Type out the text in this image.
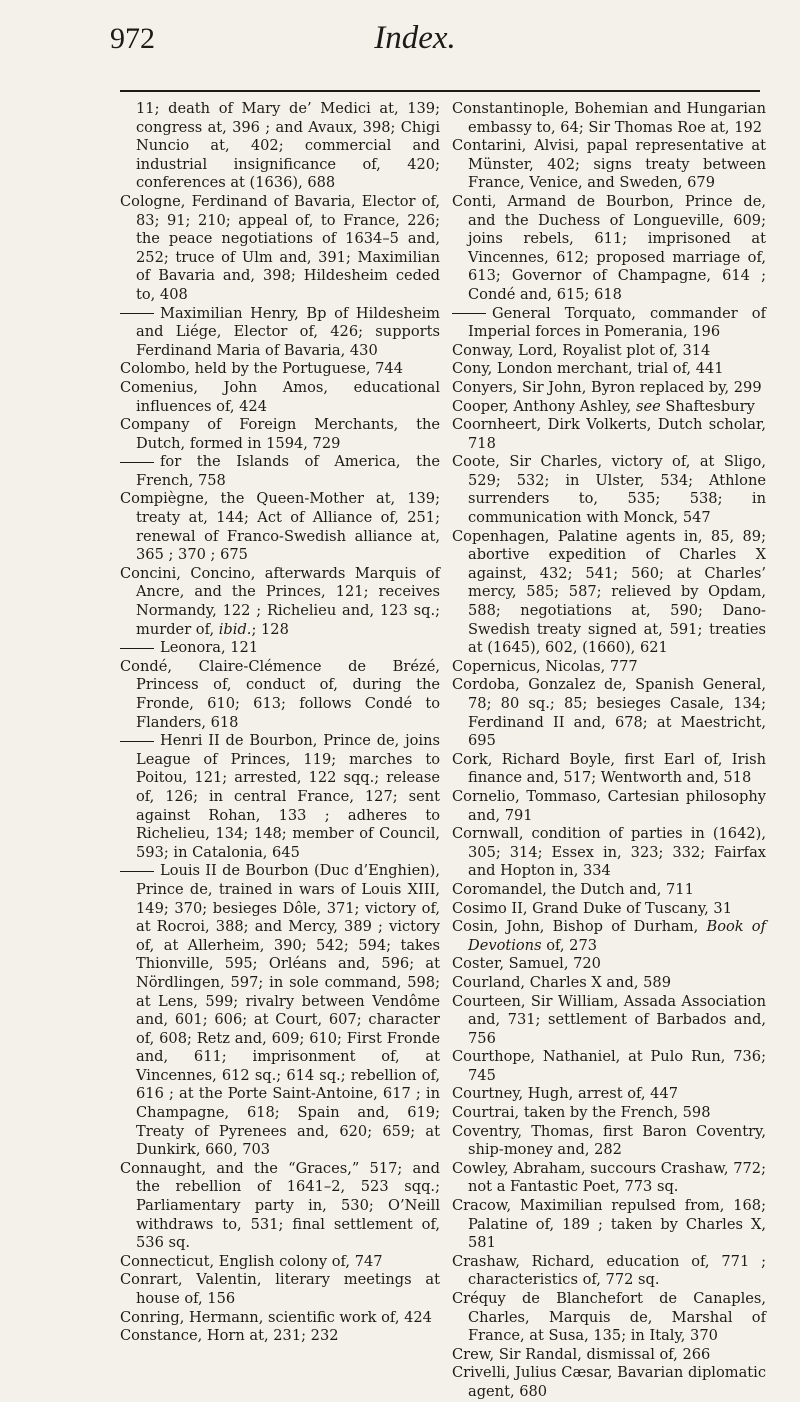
972	Index.

11; death of Mary de’ Medici at, 139; congress at, 396 ; and Avaux, 398; Chigi Nuncio at, 402; commercial and industrial insignificance of, 420; conferences at (1636), 688

Cologne, Ferdinand of Bavaria, Elector of, 83; 91; 210; appeal of, to France, 226; the peace negotiations of 1634–5 and, 252; truce of Ulm and, 391; Maximilian of Bavaria and, 398; Hildesheim ceded to, 408

Maximilian Henry, Bp of Hildesheim and Liége, Elector of, 426; supports Ferdinand Maria of Bavaria, 430

Colombo, held by the Portuguese, 744

Comenius, John Amos, educational influences of, 424

Company of Foreign Merchants, the Dutch, formed in 1594, 729

for the Islands of America, the French, 758

Compiègne, the Queen-Mother at, 139; treaty at, 144; Act of Alliance of, 251; renewal of Franco-Swedish alliance at, 365 ; 370 ; 675

Concini, Concino, afterwards Marquis of Ancre, and the Princes, 121; receives Normandy, 122 ; Richelieu and, 123 sq.; murder of, ibid.; 128

Leonora, 121

Condé, Claire-Clémence de Brézé, Princess of, conduct of, during the Fronde, 610; 613; follows Condé to Flanders, 618

Henri II de Bourbon, Prince de, joins League of Princes, 119; marches to Poitou, 121; arrested, 122 sqq.; release of, 126; in central France, 127; sent against Rohan, 133 ; adheres to Richelieu, 134; 148; member of Council, 593; in Catalonia, 645

Louis II de Bourbon (Duc d’Enghien), Prince de, trained in wars of Louis XIII, 149; 370; besieges Dôle, 371; victory of, at Rocroi, 388; and Mercy, 389 ; victory of, at Allerheim, 390; 542; 594; takes Thionville, 595; Orléans and, 596; at Nördlingen, 597; in sole command, 598; at Lens, 599; rivalry between Vendôme and, 601; 606; at Court, 607; character of, 608; Retz and, 609; 610; First Fronde and, 611; imprisonment of, at Vincennes, 612 sq.; 614 sq.; rebellion of, 616 ; at the Porte Saint-Antoine, 617 ; in Champagne, 618; Spain and, 619; Treaty of Pyrenees and, 620; 659; at Dunkirk, 660, 703

Connaught, and the “Graces,” 517; and the rebellion of 1641–2, 523 sqq.; Parliamentary party in, 530; O’Neill withdraws to, 531; final settlement of, 536 sq.

Connecticut, English colony of, 747

Conrart, Valentin, literary meetings at house of, 156

Conring, Hermann, scientific work of, 424

Constance, Horn at, 231; 232

Constantinople, Bohemian and Hungarian embassy to, 64; Sir Thomas Roe at, 192

Contarini, Alvisi, papal representative at Münster, 402; signs treaty between France, Venice, and Sweden, 679

Conti, Armand de Bourbon, Prince de, and the Duchess of Longueville, 609; joins rebels, 611; imprisoned at Vincennes, 612; proposed marriage of, 613; Governor of Champagne, 614 ; Condé and, 615; 618

General Torquato, commander of Imperial forces in Pomerania, 196

Conway, Lord, Royalist plot of, 314

Cony, London merchant, trial of, 441

Conyers, Sir John, Byron replaced by, 299

Cooper, Anthony Ashley, see Shaftesbury

Coornheert, Dirk Volkerts, Dutch scholar, 718

Coote, Sir Charles, victory of, at Sligo, 529; 532; in Ulster, 534; Athlone surrenders to, 535; 538; in communication with Monck, 547

Copenhagen, Palatine agents in, 85, 89; abortive expedition of Charles X against, 432; 541; 560; at Charles’ mercy, 585; 587; relieved by Opdam, 588; negotiations at, 590; Dano-Swedish treaty signed at, 591; treaties at (1645), 602, (1660), 621

Copernicus, Nicolas, 777

Cordoba, Gonzalez de, Spanish General, 78; 80 sq.; 85; besieges Casale, 134; Ferdinand II and, 678; at Maestricht, 695

Cork, Richard Boyle, first Earl of, Irish finance and, 517; Wentworth and, 518

Cornelio, Tommaso, Cartesian philosophy and, 791

Cornwall, condition of parties in (1642), 305; 314; Essex in, 323; 332; Fairfax and Hopton in, 334

Coromandel, the Dutch and, 711

Cosimo II, Grand Duke of Tuscany, 31

Cosin, John, Bishop of Durham, Book of Devotions of, 273

Coster, Samuel, 720

Courland, Charles X and, 589

Courteen, Sir William, Assada Association and, 731; settlement of Barbados and, 756

Courthope, Nathaniel, at Pulo Run, 736; 745

Courtney, Hugh, arrest of, 447

Courtrai, taken by the French, 598

Coventry, Thomas, first Baron Coventry, ship-money and, 282

Cowley, Abraham, succours Crashaw, 772; not a Fantastic Poet, 773 sq.

Cracow, Maximilian repulsed from, 168; Palatine of, 189 ; taken by Charles X, 581

Crashaw, Richard, education of, 771 ; characteristics of, 772 sq.

Créquy de Blanchefort de Canaples, Charles, Marquis de, Marshal of France, at Susa, 135; in Italy, 370

Crew, Sir Randal, dismissal of, 266

Crivelli, Julius Cæsar, Bavarian diplomatic agent, 680
